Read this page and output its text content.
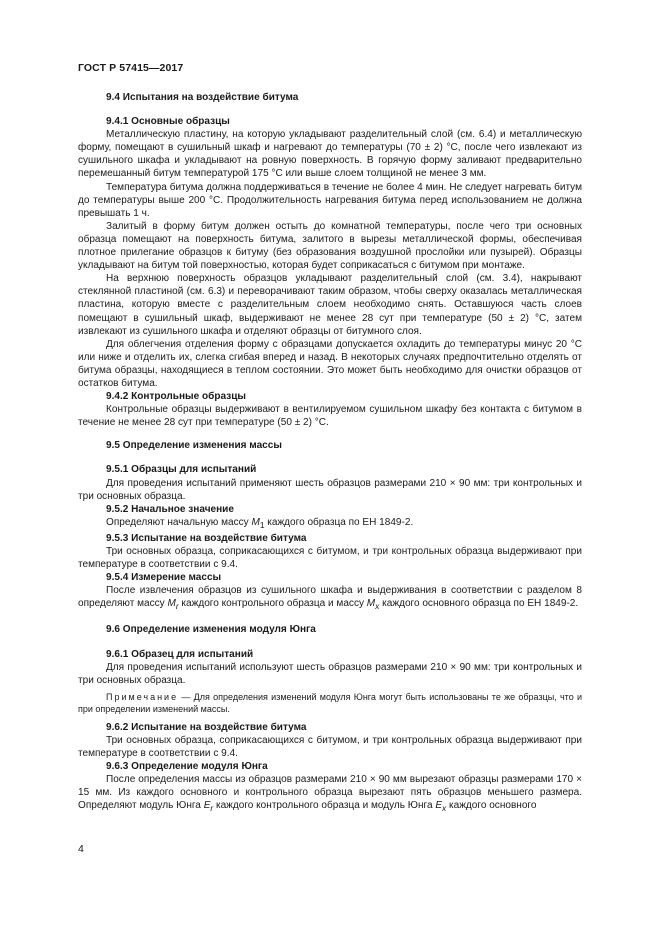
ГОСТ Р 57415—2017
9.4 Испытания на воздействие битума
9.4.1 Основные образцы

Металлическую пластину, на которую укладывают разделительный слой (см. 6.4) и металлическую форму, помещают в сушильный шкаф и нагревают до температуры (70 ± 2) °С, после чего извлекают из сушильного шкафа и укладывают на ровную поверхность. В горячую форму заливают предварительно перемешанный битум температурой 175 °С или выше слоем толщиной не менее 3 мм.

Температура битума должна поддерживаться в течение не более 4 мин. Не следует нагревать битум до температуры выше 200 °С. Продолжительность нагревания битума перед использованием не должна превышать 1 ч.

Залитый в форму битум должен остыть до комнатной температуры, после чего три основных образца помещают на поверхность битума, залитого в вырезы металлической формы, обеспечивая плотное прилегание образцов к битуму (без образования воздушной прослойки или пузырей). Образцы укладывают на битум той поверхностью, которая будет соприкасаться с битумом при монтаже.

На верхнюю поверхность образцов укладывают разделительный слой (см. 3.4), накрывают стеклянной пластиной (см. 6.3) и переворачивают таким образом, чтобы сверху оказалась металлическая пластина, которую вместе с разделительным слоем необходимо снять. Оставшуюся часть слоев помещают в сушильный шкаф, выдерживают не менее 28 сут при температуре (50 ± 2) °С, затем извлекают из сушильного шкафа и отделяют образцы от битумного слоя.

Для облегчения отделения форму с образцами допускается охладить до температуры минус 20 °С или ниже и отделить их, слегка сгибая вперед и назад. В некоторых случаях предпочтительно отделять от битума образцы, находящиеся в теплом состоянии. Это может быть необходимо для очистки образцов от остатков битума.

9.4.2 Контрольные образцы

Контрольные образцы выдерживают в вентилируемом сушильном шкафу без контакта с битумом в течение не менее 28 сут при температуре (50 ± 2) °С.

9.5 Определение изменения массы
9.5.1 Образцы для испытаний

Для проведения испытаний применяют шесть образцов размерами 210 × 90 мм: три контрольных и три основных образца.

9.5.2 Начальное значение

Определяют начальную массу $M_1$ каждого образца по ЕН 1849-2.

9.5.3 Испытание на воздействие битума

Три основных образца, соприкасающихся с битумом, и три контрольных образца выдерживают при температуре в соответствии с 9.4.

9.5.4 Измерение массы

После извлечения образцов из сушильного шкафа и выдерживания в соответствии с разделом 8 определяют массу $M_r$ каждого контрольного образца и массу $M_x$ каждого основного образца по ЕН 1849-2.

9.6 Определение изменения модуля Юнга
9.6.1 Образец для испытаний

Для проведения испытаний используют шесть образцов размерами 210 × 90 мм: три контрольных и три основных образца.

Примечание — Для определения изменений модуля Юнга могут быть использованы те же образцы, что и при определении изменений массы.

9.6.2 Испытание на воздействие битума

Три основных образца, соприкасающихся с битумом, и три контрольных образца выдерживают при температуре в соответствии с 9.4.

9.6.3 Определение модуля Юнга

После определения массы из образцов размерами 210 × 90 мм вырезают образцы размерами 170 × 15 мм. Из каждого основного и контрольного образца вырезают пять образцов меньшего размера. Определяют модуль Юнга $E_r$ каждого контрольного образца и модуль Юнга $E_x$ каждого основного

4
